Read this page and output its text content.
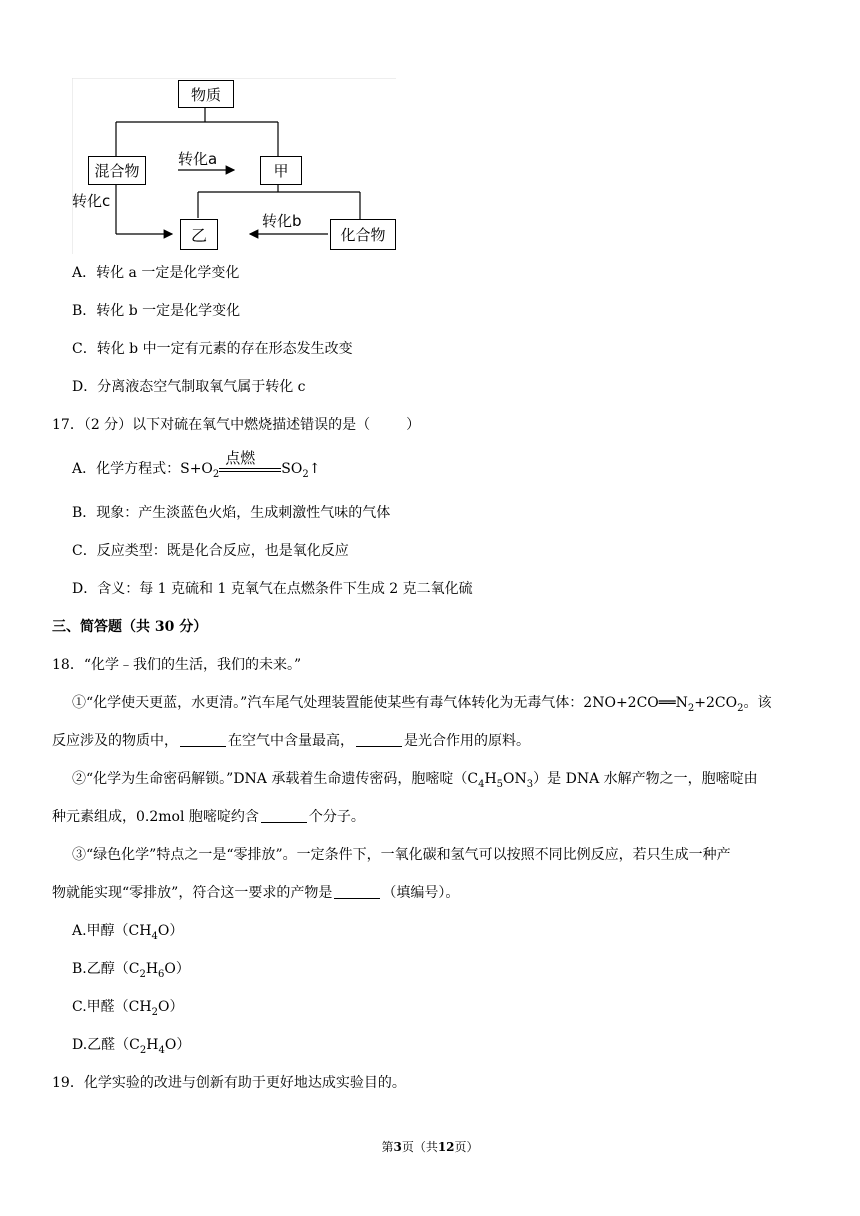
物质
混合物
转化a
甲
转化c
乙
转化b
化合物
A．转化 a 一定是化学变化
B．转化 b 一定是化学变化
C．转化 b 中一定有元素的存在形态发生改变
D．分离液态空气制取氧气属于转化 c
17．（2 分）以下对硫在氧气中燃烧描述错误的是（	）
A．化学方程式：$S+O_2$
点燃
$SO_2↑$
B．现象：产生淡蓝色火焰，生成刺激性气味的气体
C．反应类型：既是化合反应，也是氧化反应
D．含义：每 1 克硫和 1 克氧气在点燃条件下生成 2 克二氧化硫
三、简答题（共 30 分）
18．“化学﹣我们的生活，我们的未来。”
①“化学使天更蓝，水更清。”汽车尾气处理装置能使某些有毒气体转化为无毒气体：$2NO+2CO══N_2+2CO_2$。该
反应涉及的物质中，	在空气中含量最高，	是光合作用的原料。
②“化学为生命密码解锁。”DNA 承载着生命遗传密码，胞嘧啶$(C_4H_5ON_3)$是 DNA 水解产物之一，胞嘧啶由
种元素组成，0.2mol 胞嘧啶约含	个分子。
③“绿色化学”特点之一是“零排放”。一定条件下，一氧化碳和氢气可以按照不同比例反应，若只生成一种产
物就能实现“零排放”，符合这一要求的产物是	（填编号）。
A.甲醇$(CH_4O)$
B.乙醇$(C_2H_6O)$
C.甲醛$(CH_2O)$
D.乙醛$(C_2H_4O)$
19．化学实验的改进与创新有助于更好地达成实验目的。
第3页（共12页）
